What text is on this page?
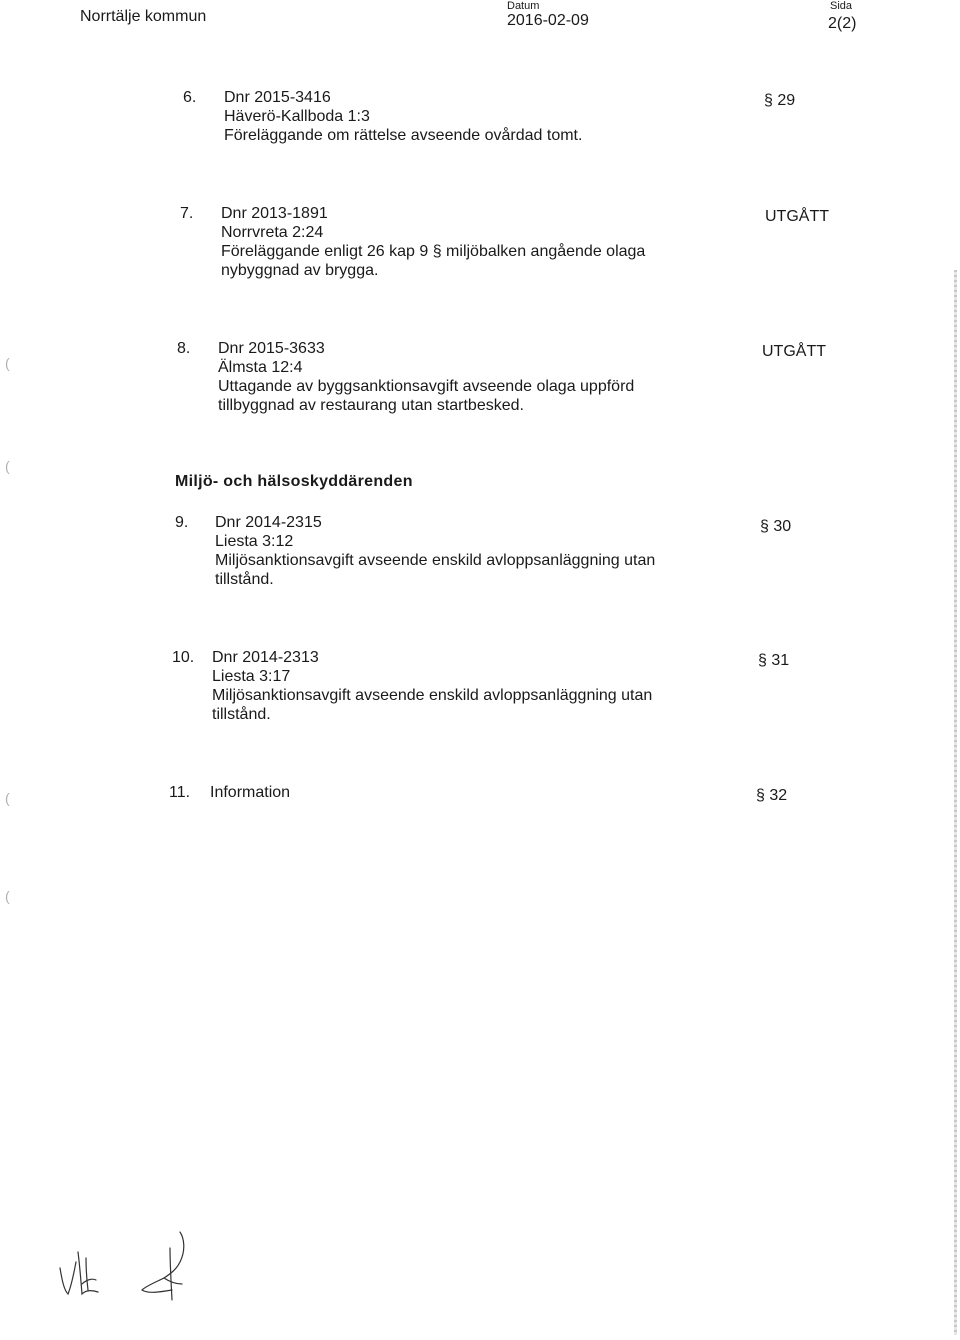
Norrtälje kommun
Datum
2016-02-09
Sida
2(2)
6. Dnr 2015-3416
Häverö-Kallboda 1:3
Föreläggande om rättelse avseende ovårdad tomt.
§ 29
7. Dnr 2013-1891
Norrvreta 2:24
Föreläggande enligt 26 kap 9 § miljöbalken angående olaga
nybyggnad av brygga.
UTGÅTT
8. Dnr 2015-3633
Älmsta 12:4
Uttagande av byggsanktionsavgift avseende olaga uppförd
tillbyggnad av restaurang utan startbesked.
UTGÅTT
Miljö- och hälsoskyddärenden
9. Dnr 2014-2315
Liesta 3:12
Miljösanktionsavgift avseende enskild avloppsanläggning utan
tillstånd.
§ 30
10. Dnr 2014-2313
Liesta 3:17
Miljösanktionsavgift avseende enskild avloppsanläggning utan
tillstånd.
§ 31
11. Information	§ 32
(
(
(
(
